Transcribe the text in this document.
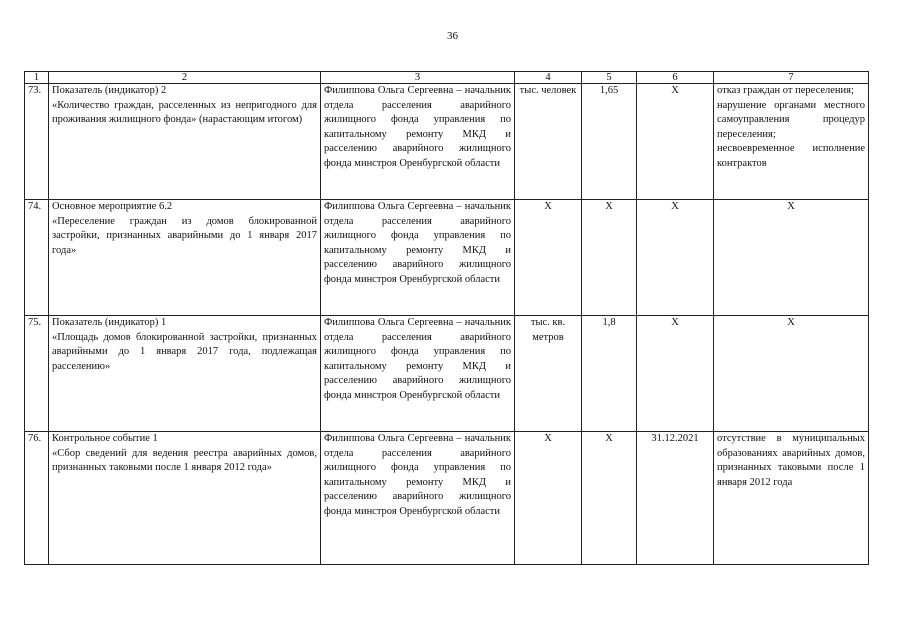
36
1	2	3	4	5	6	7
73.	Показатель (индикатор) 2
«Количество граждан, расселенных из непригодного для проживания жилищного фонда» (нарастающим итогом)	Филиппова Ольга Сергеевна – начальник отдела расселения аварийного жилищного фонда управления по капитальному ремонту МКД и расселению аварийного жилищного фонда минстроя Оренбургской области	тыс. человек	1,65	Х	отказ граждан от переселения;
нарушение органами местного самоуправления процедур переселения;
несвоевременное исполнение контрактов

74.	Основное мероприятие 6.2
«Переселение граждан из домов блокированной застройки, признанных аварийными до 1 января 2017 года»	Филиппова Ольга Сергеевна – начальник отдела расселения аварийного жилищного фонда управления по капитальному ремонту МКД и расселению аварийного жилищного фонда минстроя Оренбургской области	Х	Х	Х	Х

75.	Показатель (индикатор) 1
«Площадь домов блокированной застройки, признанных аварийными до 1 января 2017 года, подлежащая расселению»	Филиппова Ольга Сергеевна – начальник отдела расселения аварийного жилищного фонда управления по капитальному ремонту МКД и расселению аварийного жилищного фонда минстроя Оренбургской области	тыс. кв. метров	1,8	Х	Х

76.	Контрольное событие 1
«Сбор сведений для ведения реестра аварийных домов, признанных таковыми после 1 января 2012 года»	Филиппова Ольга Сергеевна – начальник отдела расселения аварийного жилищного фонда управления по капитальному ремонту МКД и расселению аварийного жилищного фонда минстроя Оренбургской области	Х	Х	31.12.2021	отсутствие в муниципальных образованиях аварийных домов, признанных таковыми после 1 января 2012 года
